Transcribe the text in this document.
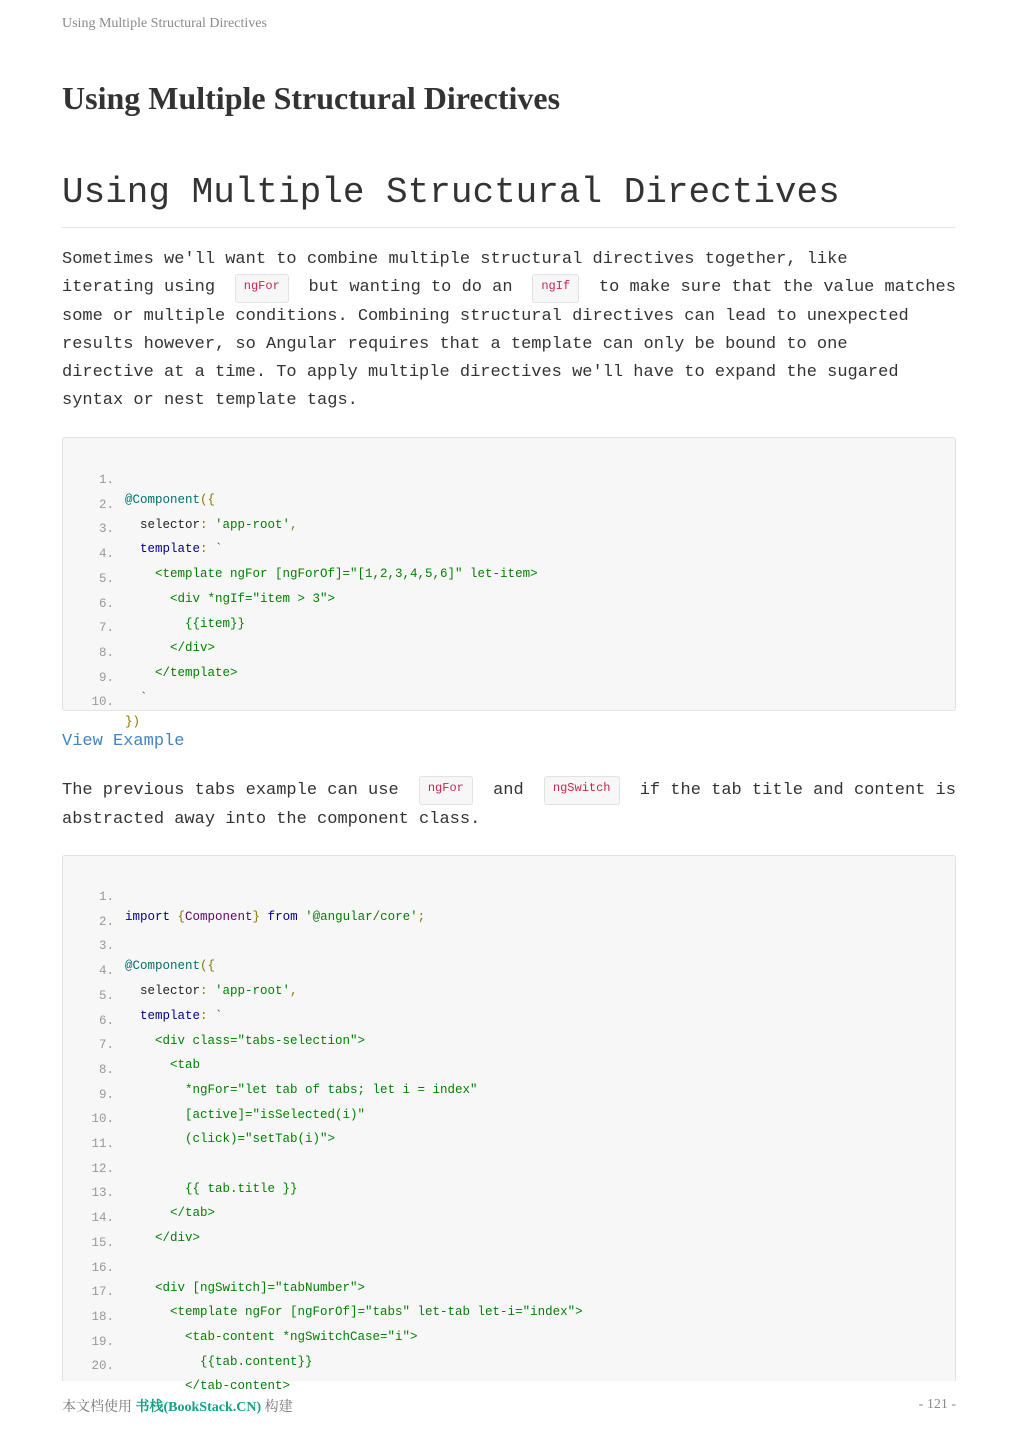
Using Multiple Structural Directives
Using Multiple Structural Directives
Using Multiple Structural Directives
Sometimes we'll want to combine multiple structural directives together, like
iterating using	ngFor	but wanting to do an	ngIf	to make sure that the value matches
some or multiple conditions. Combining structural directives can lead to unexpected
results however, so Angular requires that a template can only be bound to one
directive at a time. To apply multiple directives we'll have to expand the sugared
syntax or nest template tags.

1.

@Component({

2.

selector: 'app-root',

3.

template: `

4.

<template ngFor [ngForOf]="[1,2,3,4,5,6]" let-item>

5.

<div *ngIf="item > 3">

6.

{{item}}

7.

</div>

8.

</template>

9.

`

10.

})

View Example
The previous tabs example can use	ngFor	and	ngSwitch	if the tab title and content is
abstracted away into the component class.

1.

import {Component} from '@angular/core';

2.

3.

@Component({

4.

selector: 'app-root',

5.

template: `

6.

<div class="tabs-selection">

7.

<tab

8.

*ngFor="let tab of tabs; let i = index"

9.

[active]="isSelected(i)"

10.

(click)="setTab(i)">

11.

12.

{{ tab.title }}

13.

</tab>

14.

</div>

15.

16.

<div [ngSwitch]="tabNumber">

17.

<template ngFor [ngForOf]="tabs" let-tab let-i="index">

18.

<tab-content *ngSwitchCase="i">

19.

{{tab.content}}

20.

</tab-content>

本文档使用 书栈(BookStack.CN) 构建	- 121 -
